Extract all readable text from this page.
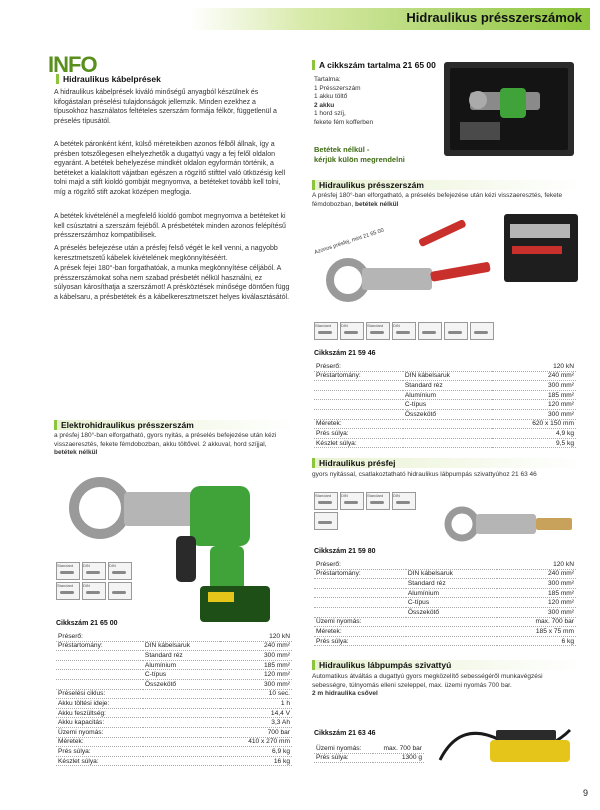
Hidraulikus présszerszámok
INFO
Hidraulikus kábelprések
A hidraulikus kábelprések kiváló minőségű anyagból készülnek és kifogástalan préselési tulajdonságok jellemzik. Minden ezekhez a típusokhoz használatos feltételes szerszám formája félkör, függetlenül a préselés típusától.
A betétek páronként ként, külső méreteikben azonos félből állnak, így a présben totszőlegesen elhelyezhetők a dugattyú vagy a fej felől oldalon egyaránt. A betétek behelyezése mindkét oldalon egyformán történik, a betéteket a kialakított vájatban egészen a rögzítő stifttel való ütközésig kell tolni majd a stift kioldó gombját megnyomva, a betéteket tovább kell tolni, míg a rögzítő stift azokat középen megfogja.
A betétek kivételénél a megfelelő kioldó gombot megnyomva a betéteket ki kell csúsztatni a szerszám fejéből. A présbetétek minden azonos felépítésű présszerszámhoz kompatibilisek.
A préselés befejezése után a présfej felső végét le kell venni, a nagyobb keresztmetszetű kábelek kivételének megkönnyítéséért.
A prések fejei 180°-ban forgathatóak, a munka megkönnyítése céljából. A présszerszámokat soha nem szabad présbetét nélkül használni, ez súlyosan károsíthatja a szerszámot! A présköztések minősége döntően függ a kábelsaru, a présbetétek és a kábelkeresztmetszet helyes kiválasztásától.
A cikkszám tartalma 21 65 00
Tartalma:
1 Présszerszám
1 akku töltő
2 akku
1 hord szíj,
fekete fém kofferben
Betétek nélkül -
kérjük külön megrendelni
Hidraulikus présszerszám
A présfej 180°-ban elforgatható, a préselés befejezése után kézi visszaeresztés, fekete fémdobozban, betétek nélkül
Azonos présfej, mint 21 65 00
Standard	DIN	Standard	DIN
Cikkszám 21 59 46
Préserő:		120 kN
Préstartomány:	DIN kábelsaruk	240 mm²
	Standard réz	300 mm²
	Alumínium	185 mm²
	C-típus	120 mm²
	Összekötő	300 mm²
Méretek:		620 x 150 mm
Prés súlya:		4,9 kg
Készlet súlya:		9,5 kg
Elektrohidraulikus présszerszám
a présfej 180°-ban elforgatható, gyors nyitás, a préselés befejezése után kézi visszaeresztés, fekete fémdobozban, akku töltővel. 2 akkuval, hord szíjjal, betétek nélkül
Standard	DIN	DIN
Standard	DIN
Cikkszám 21 65 00
Préserő:		120 kN
Préstartomány:	DIN kábelsaruk	240 mm²
	Standard réz	300 mm²
	Alumínium	185 mm²
	C-típus	120 mm²
	Összekötő	300 mm²
Préselési ciklus:		10 sec.
Akku töltési ideje:		1 h
Akku feszültség:		14,4 V
Akku kapacitás:		3,3 Ah
Üzemi nyomás:		700 bar
Méretek:		410 x 270 mm
Prés súlya:		6,9 kg
Készlet súlya:		16 kg
Hidraulikus présfej
gyors nyitással, csatlakoztatható hidraulikus lábpumpás szivattyúhoz 21 63 46
Standard	DIN	Standard	DIN
Cikkszám 21 59 80
Préserő:		120 kN
Préstartomány:	DIN kábelsaruk	240 mm²
	Standard réz	300 mm²
	Alumínium	185 mm²
	C-típus	120 mm²
	Összekötő	300 mm²
Üzemi nyomás:		max. 700 bar
Méretek:		185 x 75 mm
Prés súlya:		6 kg
Hidraulikus lábpumpás szivattyú
Automatikus átváltás a dugattyú gyors megközelítő sebességéről munkavégzési sebességre, túlnyomás elleni szeleppel, max. üzemi nyomás 700 bar.
2 m hidraulika csővel
Cikkszám 21 63 46
Üzemi nyomás:	max. 700 bar
Prés súlya:	1300 g
9
